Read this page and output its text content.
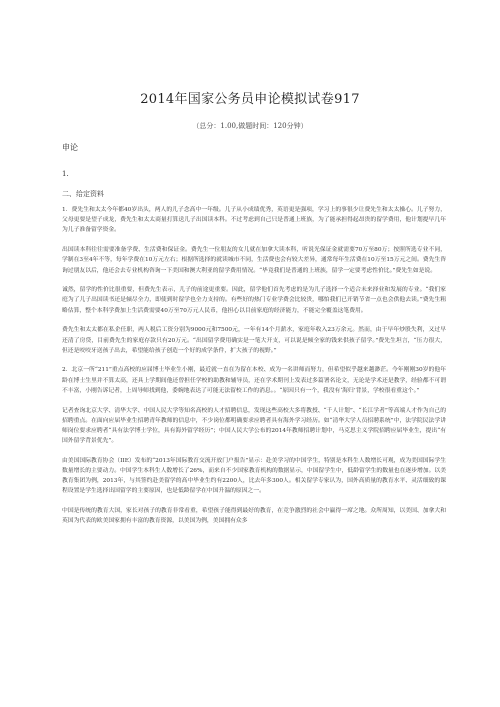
2014年国家公务员申论模拟试卷917
（总分：1.00,做题时间：120分钟）
申论
1.
二、给定资料

1．费先生和太太今年都40岁出头，两人的儿子念高中一年级。儿子从小成绩优秀，英语更是强项，学习上的事很少让费先生和太太操心。儿子努力，父母更要是望子成龙，费先生和太太商量打算送儿子出国读本科。不过考虑到自己只是普通上班族，为了能承担得起昂贵的留学费用，他计划提早几年为儿子准备留学资金。

出国读本科往往需要准备学费、生活费和保证金。费先生一位朋友的女儿就在加拿大读本科，听说光保证金就需要70万至80万；按照所选专业不同，学制在3至4年不等，每年学费在10万元左右；根据所选择的就读城市不同，生活费也会有较大差异，通常每年生活费在10万至15万元之间。费先生咨询过朋友以后，他还会去专业机构咨询一下美国和澳大利亚的留学费用情况。“毕竟我们是普通的上班族，留学一定要考虑性价比。”费先生如是说。

诚然，留学的性价比很重要，但费先生表示，儿子的前途更重要。因此，留学他们首先考虑的是为儿子选择一个适合未来择业和发展的专业。“我们家庭为了儿子出国读书还是倾尽全力，即使到时留学也全力支持的。有些好的热门专业学费会比较贵，哪怕我们已开销节省一点也会供他去读。”费先生粗略估算，整个本科学费加上生活费需要40万至70万元人民币，他担心以目前家庭的经济能力，不能完全覆盖这笔费用。

费先生和太太都在私企任职，两人税后工资分别为9000元和7500元，一年有14个月薪水，家庭年收入23万余元。然而，由于早年炒股失利，又过早还清了房贷，目前费先生的家庭存款只有20万元。“出国留学费用确实是一笔大开支，可以说是倾全家的钱来供孩子留学。”费先生坦言，“压力很大，但还是咬咬牙送孩子出去，希望能给孩子创造一个好的成学条件，扩大孩子的视野。”

2．北京一所“211”重点高校的应届博士毕业生小刚，最近就一直在为留在本校、成为一名讲师而努力，但希望似乎越来越渺茫。今年刚刚30岁的他年龄在博士生里并不算太高，还具上学期间他还曾担任学校的助教和辅导员，还在学术期刊上发表过多篇署名论文，无论是学术还是教学，经验都不可谓不丰富，小刚告诉记者，上周导师找到他，委婉地表达了可能无法留校工作的消息。。“原因只有一个，我没有‘海归’背景，学校很看重这个。”

记者查询北京大学、清华大学、中国人民大学等知名高校的人才招聘信息，发现这些高校大多将教授、“千人计划”、“长江学者”等高端人才作为自己的招聘重点。在面向应届毕业生招聘青年教师的信息中，不少岗位都明确要求应聘者具有海外学习经历。如“清华大学人员招聘系统”中，法学院民法学讲师岗位要求应聘者“具有法学博士学位，具有海外留学经历”；中国人民大学公布的2014年教师招聘计划中，马克思主义学院招聘应届毕业生，提出“有国外留学背景优先”。

由美国国际教育协会（IIE）发布的“2013年国际教育交流开放门户报告”显示：赴美学习的中国学生，特别是本科生人数增长可观，成为美国国际学生数量增长的主要动力。中国学生本科生人数增长了26%，而来自不少国家教育机构的数据显示，中国留学生中，低龄留学生的数量也在逐步增加。以美教育集团为例，2013年，与其签约赴美留学的高中毕业生约有2200人，比去年多300人。相关留学专家认为，国外高质量的教育水平、灵活细致的课程设置是学生选择出国留学的主要原因，也是低龄留学在中国升温的原因之一。

中国是传统的教育大国，家长对孩子的教育非常看重，希望孩子能得到最好的教育，在竞争激烈的社会中赢得一席之地。众所周知，以美国、加拿大和英国为代表的欧美国家拥有丰富的教育资源，以美国为例，美国拥有众多
